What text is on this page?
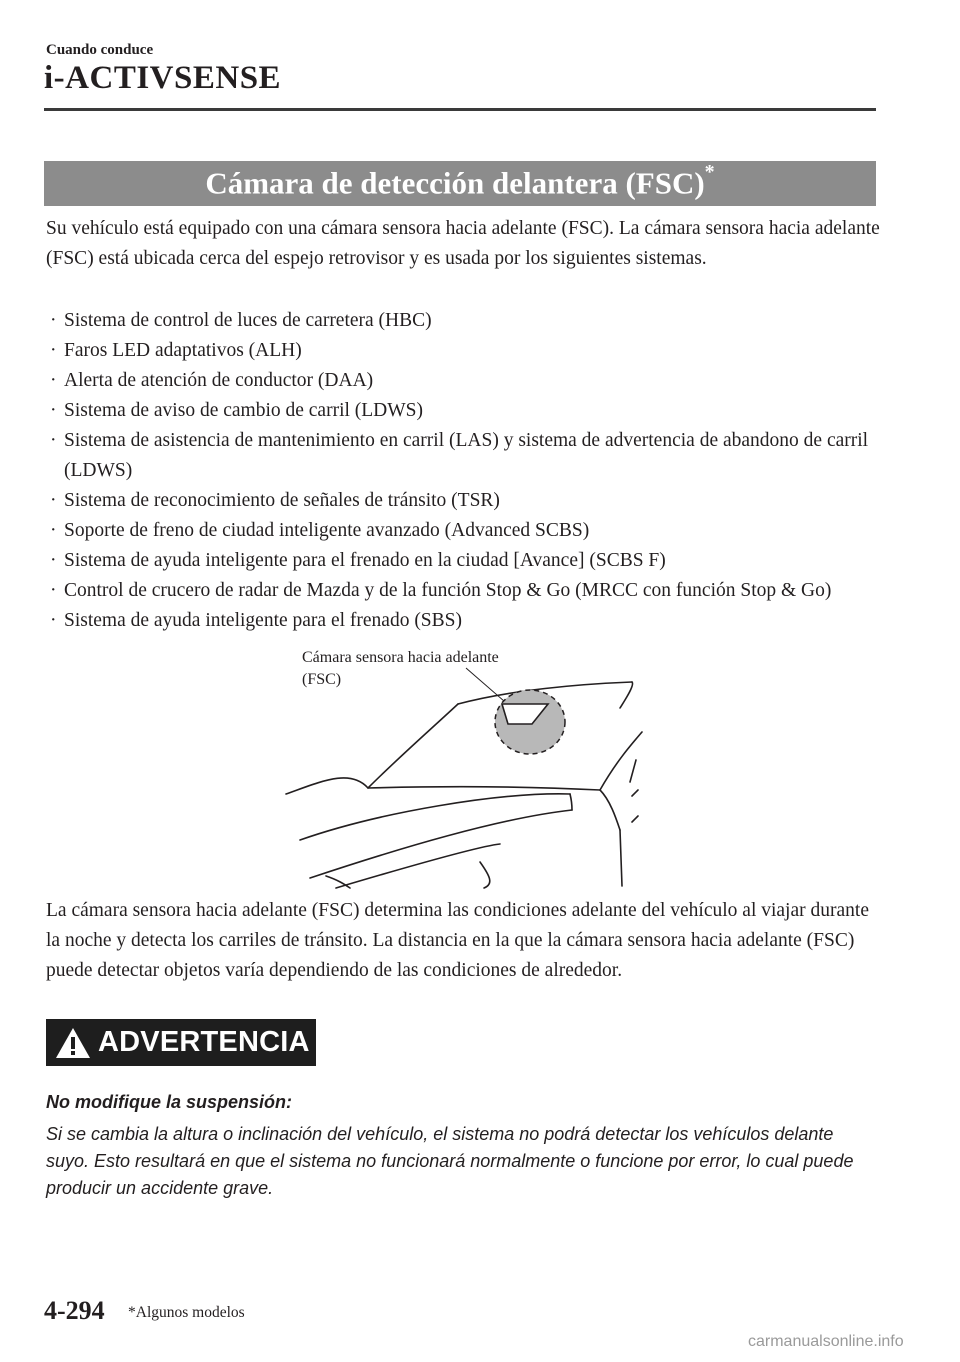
Cuando conduce
i-ACTIVSENSE
Cámara de detección delantera (FSC)*
Su vehículo está equipado con una cámara sensora hacia adelante (FSC). La cámara sensora hacia adelante (FSC) está ubicada cerca del espejo retrovisor y es usada por los siguientes sistemas.
· Sistema de control de luces de carretera (HBC)
· Faros LED adaptativos (ALH)
· Alerta de atención de conductor (DAA)
· Sistema de aviso de cambio de carril (LDWS)
· Sistema de asistencia de mantenimiento en carril (LAS) y sistema de advertencia de abandono de carril (LDWS)
· Sistema de reconocimiento de señales de tránsito (TSR)
· Soporte de freno de ciudad inteligente avanzado (Advanced SCBS)
· Sistema de ayuda inteligente para el frenado en la ciudad [Avance] (SCBS F)
· Control de crucero de radar de Mazda y de la función Stop & Go (MRCC con función Stop & Go)
· Sistema de ayuda inteligente para el frenado (SBS)
Cámara sensora hacia adelante
(FSC)
La cámara sensora hacia adelante (FSC) determina las condiciones adelante del vehículo al viajar durante la noche y detecta los carriles de tránsito. La distancia en la que la cámara sensora hacia adelante (FSC) puede detectar objetos varía dependiendo de las condiciones de alrededor.
ADVERTENCIA
No modifique la suspensión:
Si se cambia la altura o inclinación del vehículo, el sistema no podrá detectar los vehículos delante suyo. Esto resultará en que el sistema no funcionará normalmente o funcione por error, lo cual puede producir un accidente grave.
4-294 *Algunos modelos
carmanualsonline.info
